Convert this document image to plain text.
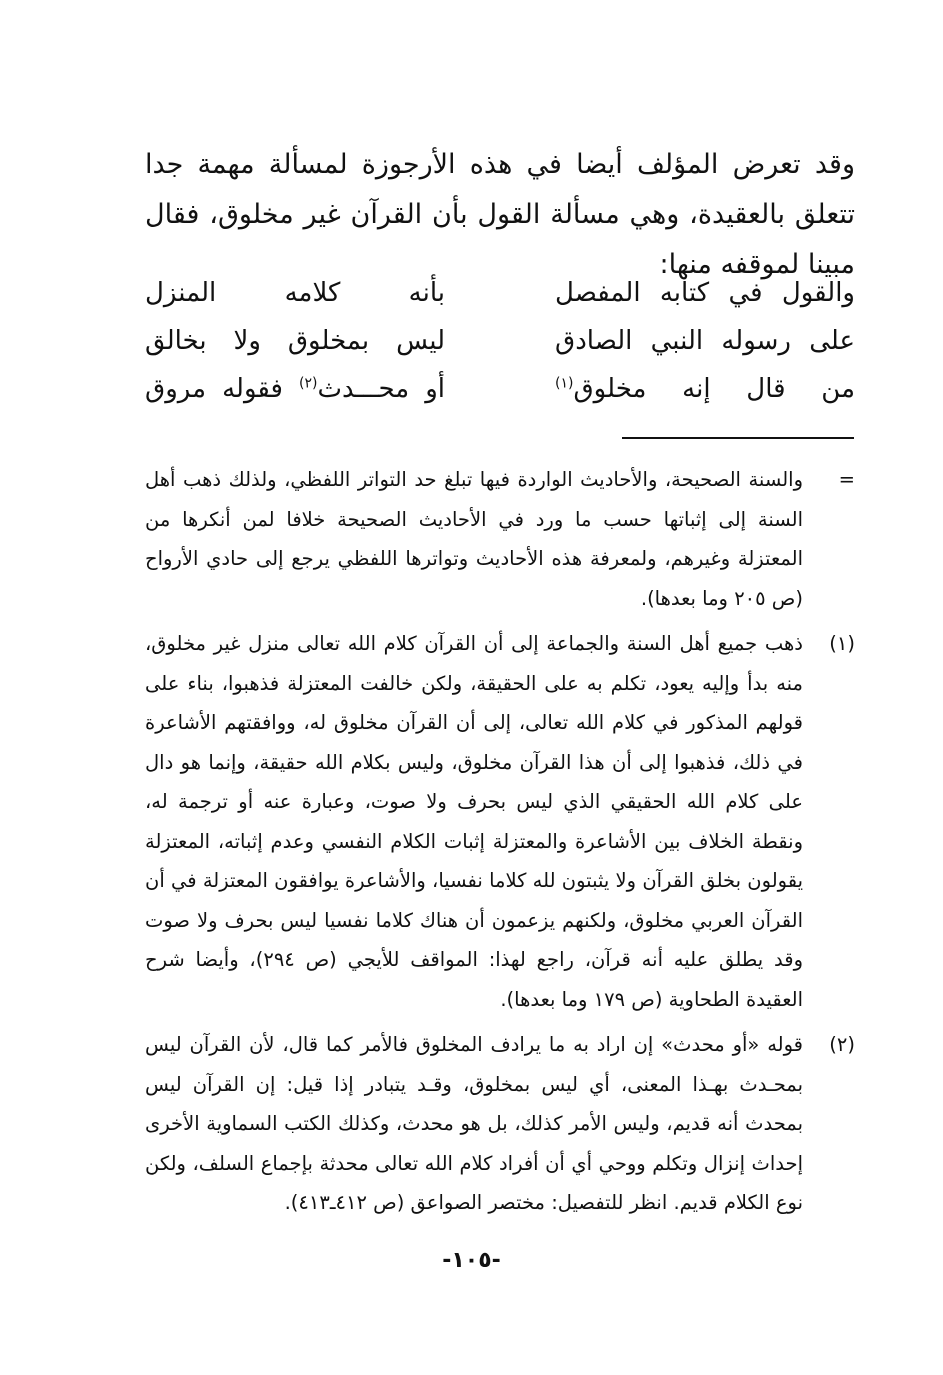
وقد تعرض المؤلف أيضا في هذه الأرجوزة لمسألة مهمة جدا تتعلق بالعقيدة، وهي مسألة القول بأن القرآن غير مخلوق، فقال مبينا لموقفه منها:

والقول
في
كتابه
المفصل
بأنه
كلامه
المنزل
على
رسوله
النبي
الصادق
ليس
بمخلوق
ولا
بخالق
من
قال
إنه
مخلوق$^{(١)}$
أو
محـــدث$^{(٢)}$
فقوله
مروق
=
والسنة الصحيحة، والأحاديث الواردة فيها تبلغ حد التواتر اللفظي، ولذلك ذهب أهل السنة إلى إثباتها حسب ما ورد في الأحاديث الصحيحة خلافا لمن أنكرها من المعتزلة وغيرهم، ولمعرفة هذه الأحاديث وتواترها اللفظي يرجع إلى حادي الأرواح (ص ٢٠٥ وما بعدها).
(١)
ذهب جميع أهل السنة والجماعة إلى أن القرآن كلام الله تعالى منزل غير مخلوق، منه بدأ وإليه يعود، تكلم به على الحقيقة، ولكن خالفت المعتزلة فذهبوا، بناء على قولهم المذكور في كلام الله تعالى، إلى أن القرآن مخلوق له، ووافقتهم الأشاعرة في ذلك، فذهبوا إلى أن هذا القرآن مخلوق، وليس بكلام الله حقيقة، وإنما هو دال على كلام الله الحقيقي الذي ليس بحرف ولا صوت، وعبارة عنه أو ترجمة له، ونقطة الخلاف بين الأشاعرة والمعتزلة إثبات الكلام النفسي وعدم إثباته، المعتزلة يقولون بخلق القرآن ولا يثبتون لله كلاما نفسيا، والأشاعرة يوافقون المعتزلة في أن القرآن العربي مخلوق، ولكنهم يزعمون أن هناك كلاما نفسيا ليس بحرف ولا صوت وقد يطلق عليه أنه قرآن، راجع لهذا: المواقف للأيجي (ص ٢٩٤)، وأيضا شرح العقيدة الطحاوية (ص ١٧٩ وما بعدها).
(٢)
قوله «أو محدث» إن اراد به ما يرادف المخلوق فالأمر كما قال، لأن القرآن ليس بمحـدث بهـذا المعنى، أي ليس بمخلوق، وقـد يتبادر إذا قيل: إن القرآن ليس بمحدث أنه قديم، وليس الأمر كذلك، بل هو محدث، وكذلك الكتب السماوية الأخرى إحداث إنزال وتكلم ووحي أي أن أفراد كلام الله تعالى محدثة بإجماع السلف، ولكن نوع الكلام قديم. انظر للتفصيل: مختصر الصواعق (ص ٤١٢ـ٤١٣).
-١٠٥-
